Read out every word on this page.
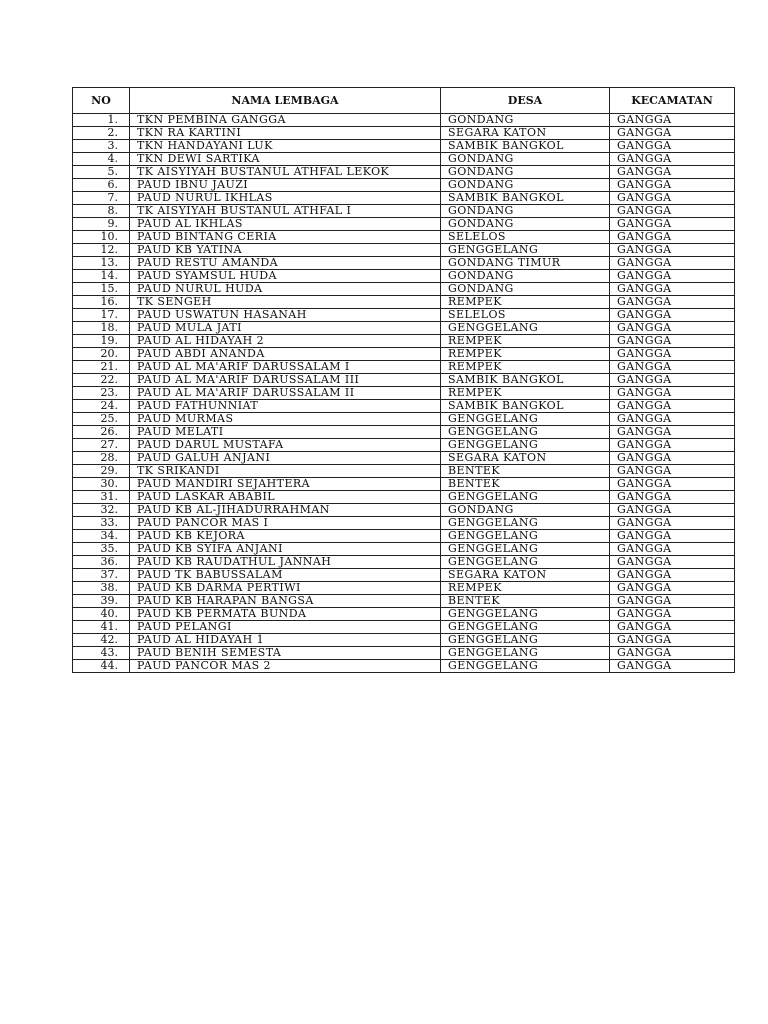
NO	NAMA LEMBAGA	DESA	KECAMATAN
1.	TKN PEMBINA GANGGA	GONDANG	GANGGA
2.	TKN RA KARTINI	SEGARA KATON	GANGGA
3.	TKN HANDAYANI LUK	SAMBIK BANGKOL	GANGGA
4.	TKN DEWI SARTIKA	GONDANG	GANGGA
5.	TK AISYIYAH BUSTANUL ATHFAL LEKOK	GONDANG	GANGGA
6.	PAUD IBNU JAUZI	GONDANG	GANGGA
7.	PAUD NURUL IKHLAS	SAMBIK BANGKOL	GANGGA
8.	TK AISYIYAH BUSTANUL ATHFAL I	GONDANG	GANGGA
9.	PAUD AL IKHLAS	GONDANG	GANGGA
10.	PAUD BINTANG CERIA	SELELOS	GANGGA
12.	PAUD KB YATINA	GENGGELANG	GANGGA
13.	PAUD RESTU AMANDA	GONDANG TIMUR	GANGGA
14.	PAUD SYAMSUL HUDA	GONDANG	GANGGA
15.	PAUD NURUL HUDA	GONDANG	GANGGA
16.	TK SENGEH	REMPEK	GANGGA
17.	PAUD USWATUN HASANAH	SELELOS	GANGGA
18.	PAUD MULA JATI	GENGGELANG	GANGGA
19.	PAUD AL HIDAYAH 2	REMPEK	GANGGA
20.	PAUD ABDI ANANDA	REMPEK	GANGGA
21.	PAUD AL MA'ARIF DARUSSALAM I	REMPEK	GANGGA
22.	PAUD AL MA'ARIF DARUSSALAM III	SAMBIK BANGKOL	GANGGA
23.	PAUD AL MA'ARIF DARUSSALAM II	REMPEK	GANGGA
24.	PAUD FATHUNNIAT	SAMBIK BANGKOL	GANGGA
25.	PAUD MURMAS	GENGGELANG	GANGGA
26.	PAUD MELATI	GENGGELANG	GANGGA
27.	PAUD DARUL MUSTAFA	GENGGELANG	GANGGA
28.	PAUD GALUH ANJANI	SEGARA KATON	GANGGA
29.	TK SRIKANDI	BENTEK	GANGGA
30.	PAUD MANDIRI SEJAHTERA	BENTEK	GANGGA
31.	PAUD LASKAR ABABIL	GENGGELANG	GANGGA
32.	PAUD KB AL-JIHADURRAHMAN	GONDANG	GANGGA
33.	PAUD PANCOR MAS I	GENGGELANG	GANGGA
34.	PAUD KB KEJORA	GENGGELANG	GANGGA
35.	PAUD KB SYIFA ANJANI	GENGGELANG	GANGGA
36.	PAUD KB RAUDATHUL JANNAH	GENGGELANG	GANGGA
37.	PAUD TK BABUSSALAM	SEGARA KATON	GANGGA
38.	PAUD KB DARMA PERTIWI	REMPEK	GANGGA
39.	PAUD KB HARAPAN BANGSA	BENTEK	GANGGA
40.	PAUD KB PERMATA BUNDA	GENGGELANG	GANGGA
41.	PAUD PELANGI	GENGGELANG	GANGGA
42.	PAUD AL HIDAYAH 1	GENGGELANG	GANGGA
43.	PAUD BENIH SEMESTA	GENGGELANG	GANGGA
44.	PAUD PANCOR MAS 2	GENGGELANG	GANGGA
